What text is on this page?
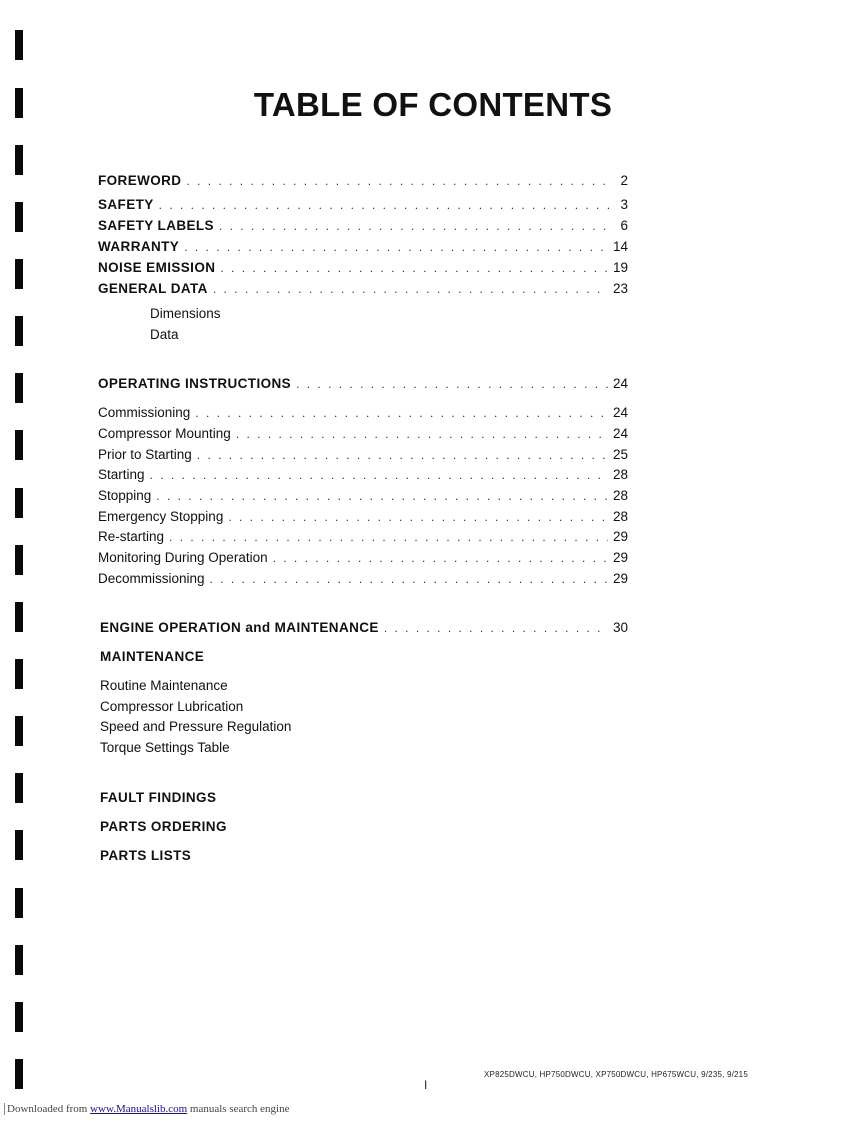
TABLE OF CONTENTS
FOREWORD . . .	2
SAFETY . . .	3
SAFETY LABELS . . .	6
WARRANTY . . .	14
NOISE EMISSION . . .	19
GENERAL DATA . . .	23
Dimensions
Data
OPERATING INSTRUCTIONS . . .	24
Commissioning . . .	24
Compressor Mounting . . .	24
Prior to Starting . . .	25
Starting . . .	28
Stopping . . .	28
Emergency Stopping . . .	28
Re-starting . . .	29
Monitoring During Operation . . .	29
Decommissioning . . .	29
ENGINE OPERATION and MAINTENANCE . . .	30
MAINTENANCE
Routine Maintenance
Compressor Lubrication
Speed and Pressure Regulation
Torque Settings Table
FAULT FINDINGS
PARTS ORDERING
PARTS LISTS
XP825DWCU, HP750DWCU, XP750DWCU, HP675WCU, 9/235, 9/215
I
Downloaded from www.Manualslib.com manuals search engine
